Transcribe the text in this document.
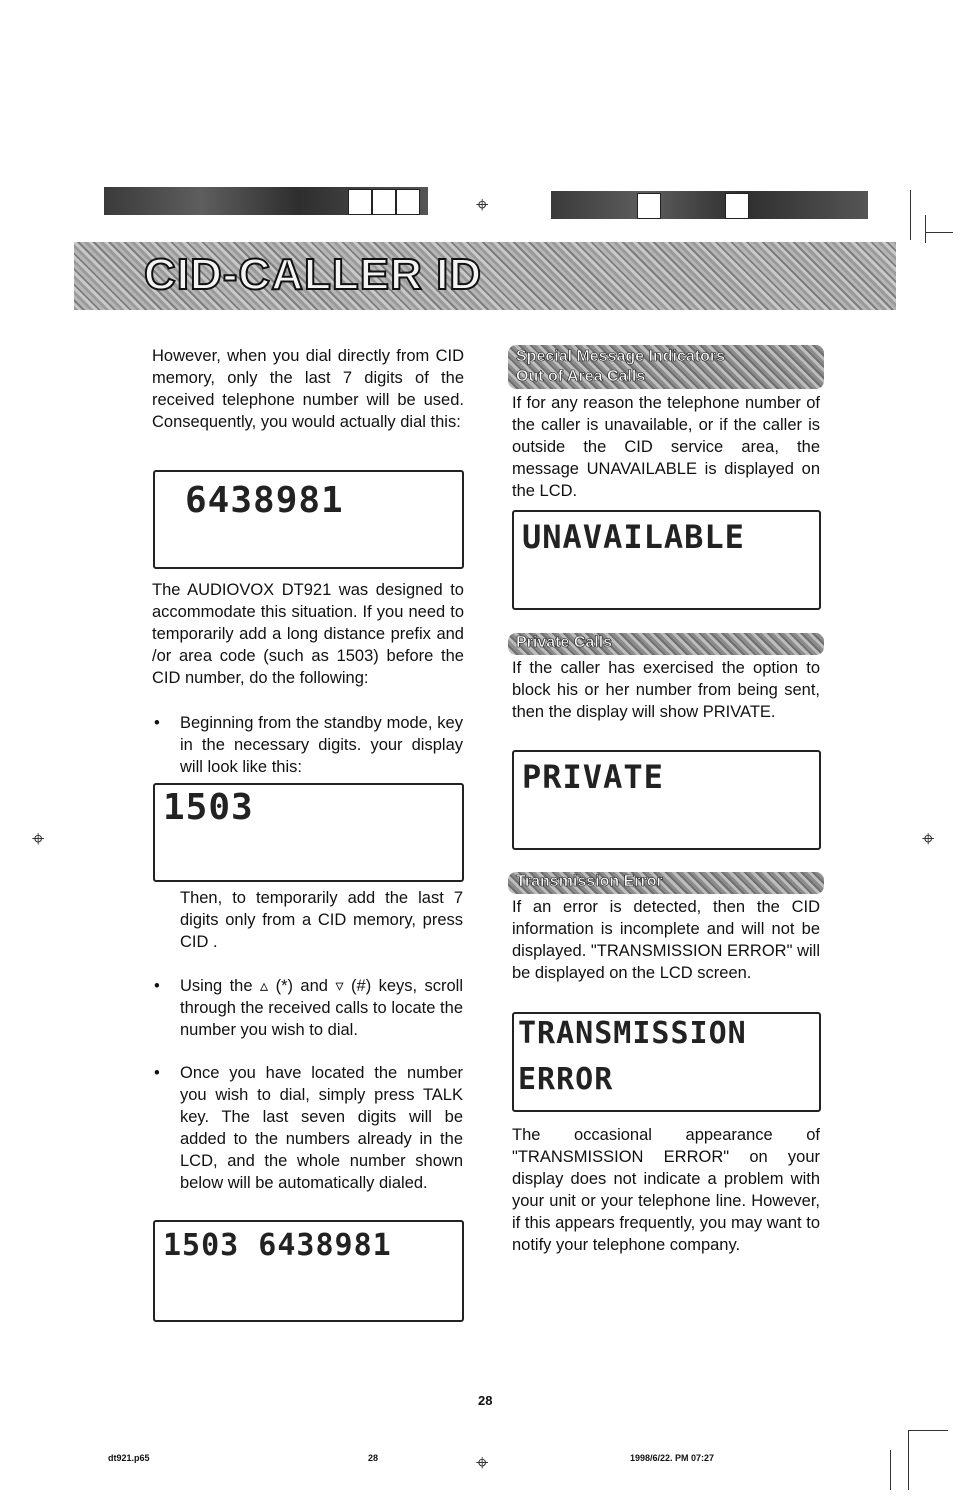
⌖
CID-CALLER ID
However, when you dial directly from CID memory, only the last 7 digits of the received telephone number will be used. Consequently, you would actually dial this:
6438981
The AUDIOVOX DT921 was designed to accommodate this situation. If you need to temporarily add a long distance prefix and /or area code (such as 1503) before the CID number, do the following:
• Beginning from the standby mode, key in the necessary digits. your display will look like this:
1503
Then, to temporarily add the last 7 digits only from a CID memory, press CID .
• Using the ▵ (*) and ▿ (#) keys, scroll through the received calls to locate the number you wish to dial.
• Once you have located the number you wish to dial, simply press TALK key. The last seven digits will be added to the numbers already in the LCD, and the whole number shown below will be automatically dialed.
1503 6438981
Special Message Indicators
Out of Area Calls
If for any reason the telephone number of the caller is unavailable, or if the caller is outside the CID service area, the message UNAVAILABLE is displayed on the LCD.
UNAVAILABLE
Private Calls
If the caller has exercised the option to block his or her number from being sent, then the display will show PRIVATE.
PRIVATE
Transmission Error
If an error is detected, then the CID information is incomplete and will not be displayed. "TRANSMISSION ERROR" will be displayed on the LCD screen.
TRANSMISSION
ERROR
The occasional appearance of "TRANSMISSION ERROR" on your display does not indicate a problem with your unit or your telephone line. However, if this appears frequently, you may want to notify your telephone company.
⌖	⌖
28
dt921.p65	28	1998/6/22. PM 07:27
⌖
